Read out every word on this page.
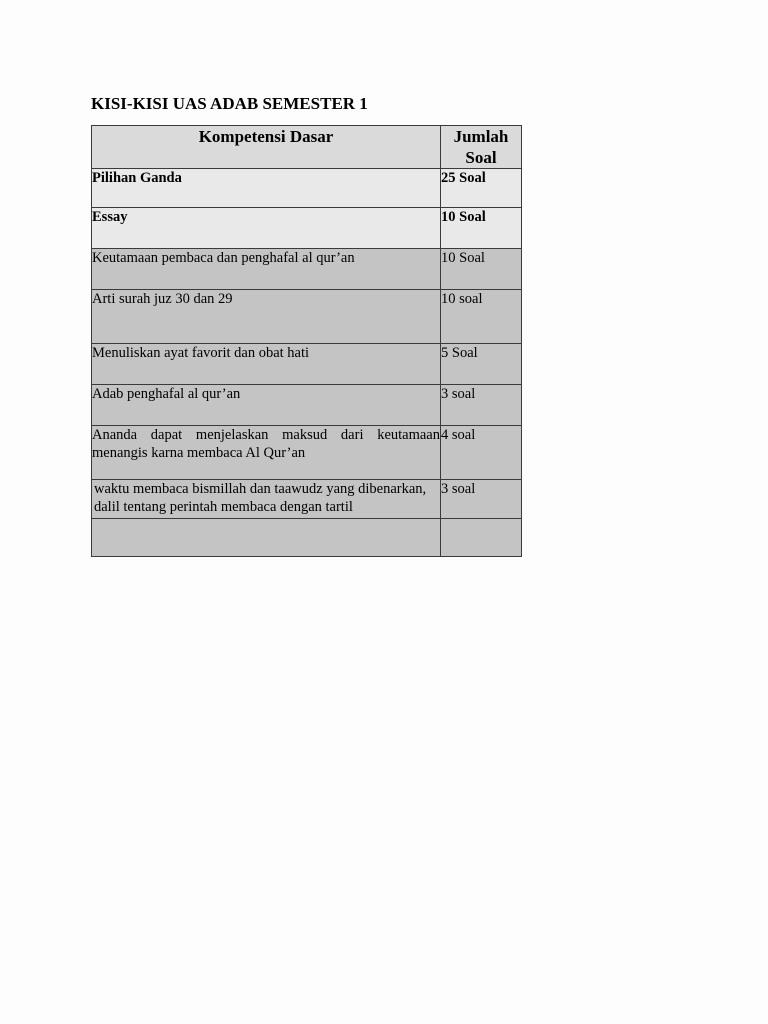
KISI-KISI UAS ADAB SEMESTER 1
Kompetensi Dasar	Jumlah Soal
Pilihan Ganda	25 Soal
Essay	10 Soal
Keutamaan pembaca dan penghafal al qur’an	10 Soal
Arti surah juz 30 dan 29	10 soal
Menuliskan ayat favorit dan obat hati	5 Soal
Adab penghafal al qur’an	3 soal
Ananda dapat menjelaskan maksud dari keutamaan menangis karna membaca Al Qur’an	4 soal
waktu membaca bismillah dan taawudz yang dibenarkan, dalil tentang perintah membaca dengan tartil	3 soal
